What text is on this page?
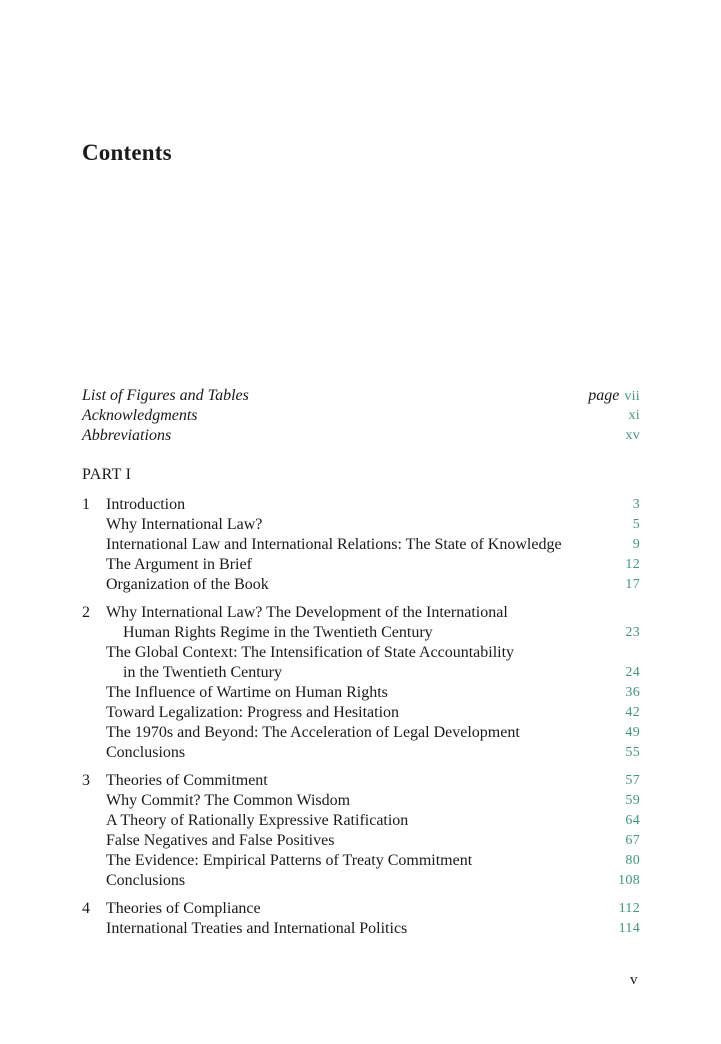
Contents
List of Figures and Tables	page vii
Acknowledgments	xi
Abbreviations	xv
PART I
1	Introduction	3
Why International Law?	5
International Law and International Relations: The State of Knowledge	9
The Argument in Brief	12
Organization of the Book	17
2	Why International Law? The Development of the International
Human Rights Regime in the Twentieth Century	23
The Global Context: The Intensification of State Accountability
in the Twentieth Century	24
The Influence of Wartime on Human Rights	36
Toward Legalization: Progress and Hesitation	42
The 1970s and Beyond: The Acceleration of Legal Development	49
Conclusions	55
3	Theories of Commitment	57
Why Commit? The Common Wisdom	59
A Theory of Rationally Expressive Ratification	64
False Negatives and False Positives	67
The Evidence: Empirical Patterns of Treaty Commitment	80
Conclusions	108
4	Theories of Compliance	112
International Treaties and International Politics	114
v
